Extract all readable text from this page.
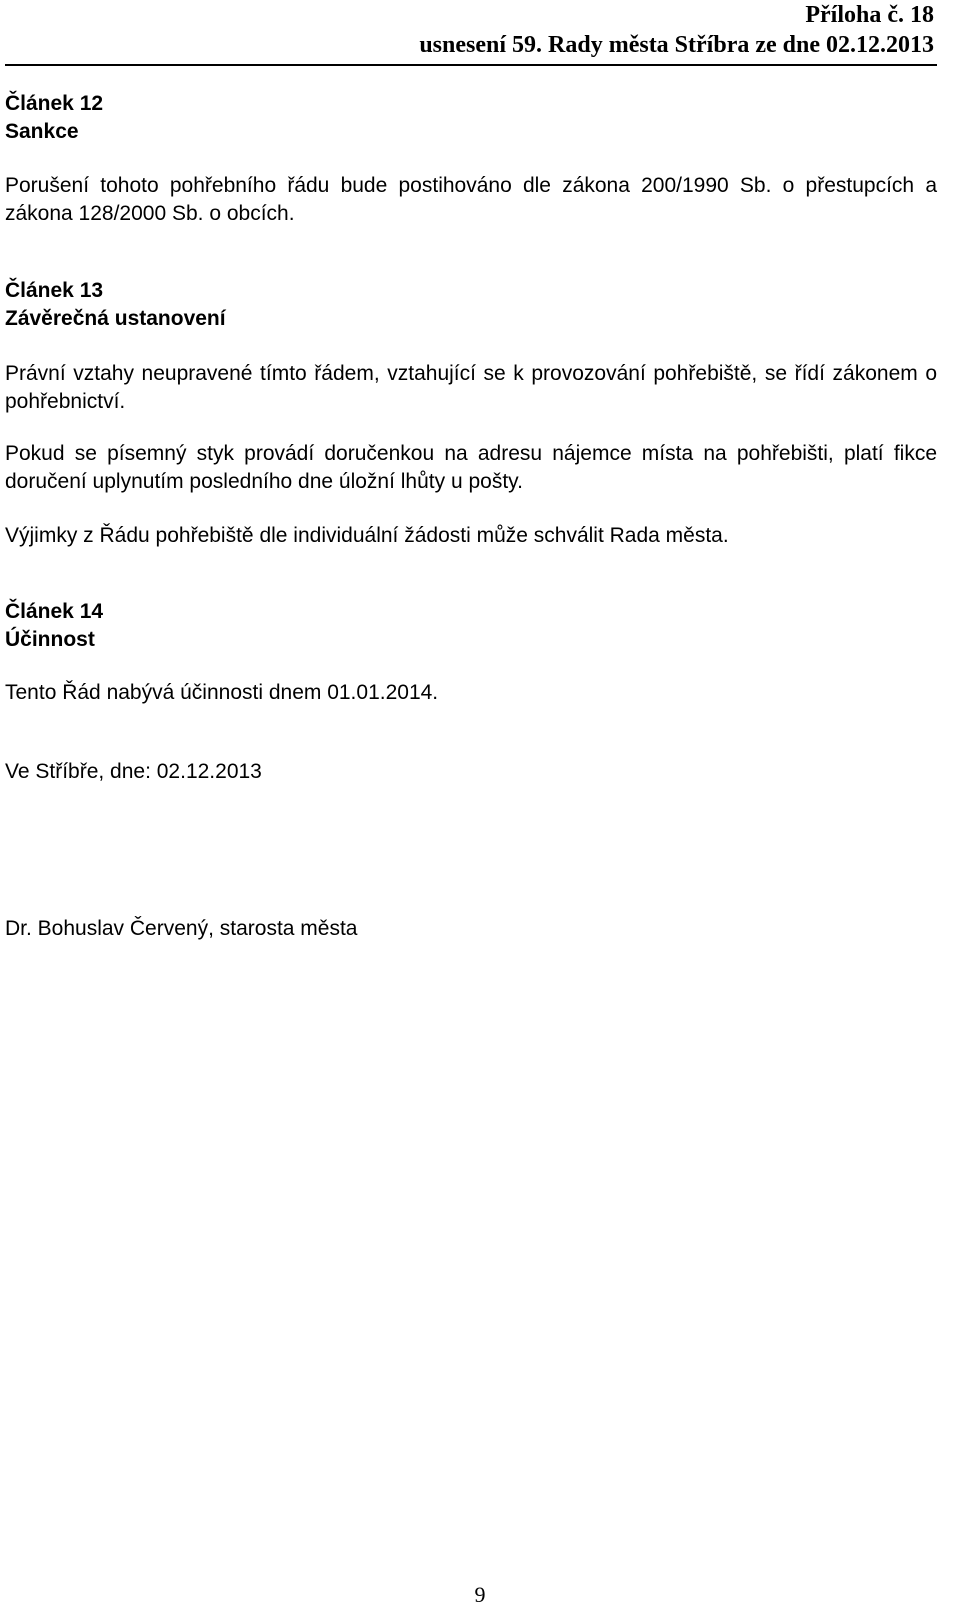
Příloha č. 18
usnesení 59. Rady města Stříbra ze dne 02.12.2013
Článek 12
Sankce

Porušení tohoto pohřebního řádu bude postihováno dle zákona 200/1990 Sb. o přestupcích a zákona 128/2000 Sb. o obcích.

Článek 13
Závěrečná ustanovení

Právní vztahy neupravené tímto řádem, vztahující se k provozování pohřebiště, se řídí zákonem o pohřebnictví.

Pokud se písemný styk provádí doručenkou na adresu nájemce místa na pohřebišti, platí fikce doručení uplynutím posledního dne úložní lhůty u pošty.

Výjimky z Řádu pohřebiště dle individuální žádosti může schválit Rada města.

Článek 14
Účinnost

Tento Řád nabývá účinnosti dnem 01.01.2014.

Ve Stříbře, dne: 02.12.2013

Dr. Bohuslav Červený, starosta města

9
